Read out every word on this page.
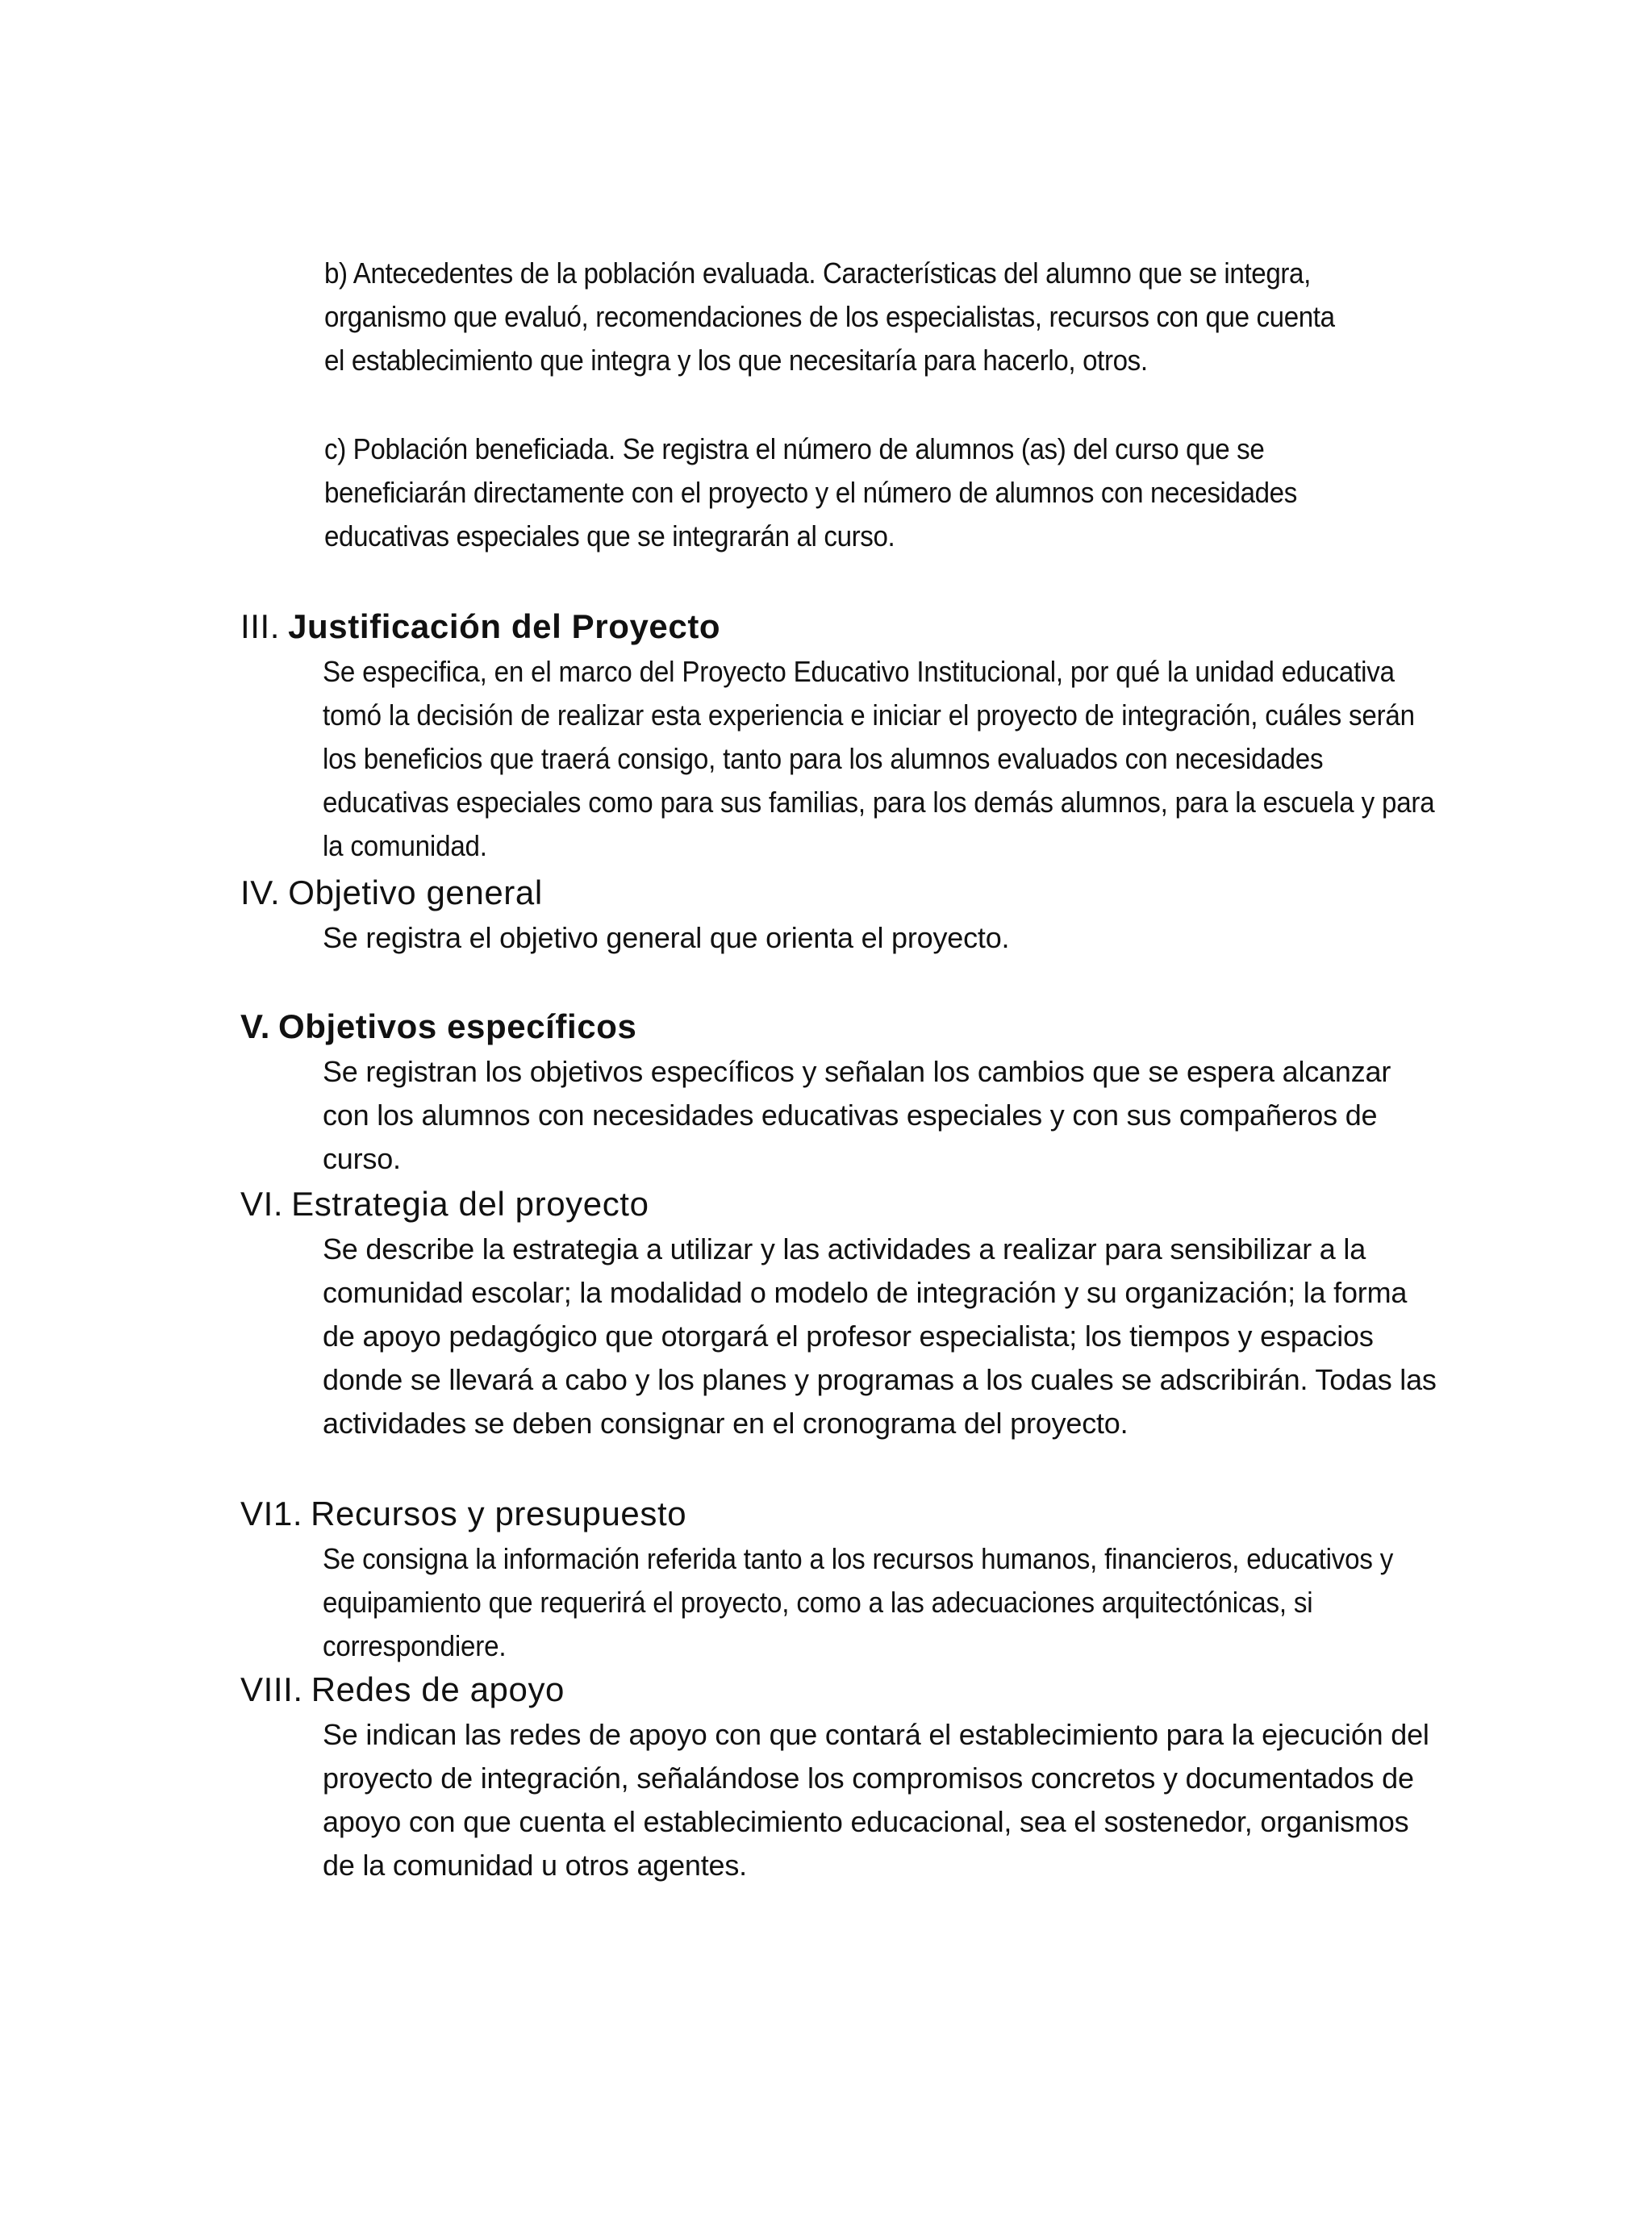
b) Antecedentes de la población evaluada. Características del alumno que se integra, organismo que evaluó, recomendaciones de los especialistas, recursos con que cuenta el establecimiento que integra y los que necesitaría para hacerlo, otros.

c) Población beneficiada. Se registra el número de alumnos (as) del curso que se beneficiarán directamente con el proyecto y el número de alumnos con necesidades educativas especiales que se integrarán al curso.

III. Justificación del Proyecto

Se especifica, en el marco del Proyecto Educativo Institucional, por qué la unidad educativa tomó la decisión de realizar esta experiencia e iniciar el proyecto de integración, cuáles serán los beneficios que traerá consigo, tanto para los alumnos evaluados con necesidades educativas especiales como para sus familias, para los demás alumnos, para la escuela y para la comunidad.

IV. Objetivo general

Se registra el objetivo general que orienta el proyecto.

V. Objetivos específicos

Se registran los objetivos específicos y señalan los cambios que se espera alcanzar con los alumnos con necesidades educativas especiales y con sus compañeros de curso.

VI. Estrategia del proyecto

Se describe la estrategia a utilizar y las actividades a realizar para sensibilizar a la comunidad escolar; la modalidad o modelo de integración y su organización; la forma de apoyo pedagógico que otorgará el profesor especialista; los tiempos y espacios donde se llevará a cabo y los planes y programas a los cuales se adscribirán. Todas las actividades se deben consignar en el cronograma del proyecto.

VI1. Recursos y presupuesto

Se consigna la información referida tanto a los recursos humanos, financieros, educativos y equipamiento que requerirá el proyecto, como a las adecuaciones arquitectónicas, si correspondiere.

VIII. Redes de apoyo

Se indican las redes de apoyo con que contará el establecimiento para la ejecución del proyecto de integración, señalándose los compromisos concretos y documentados de apoyo con que cuenta el establecimiento educacional, sea el sostenedor, organismos de la comunidad u otros agentes.
